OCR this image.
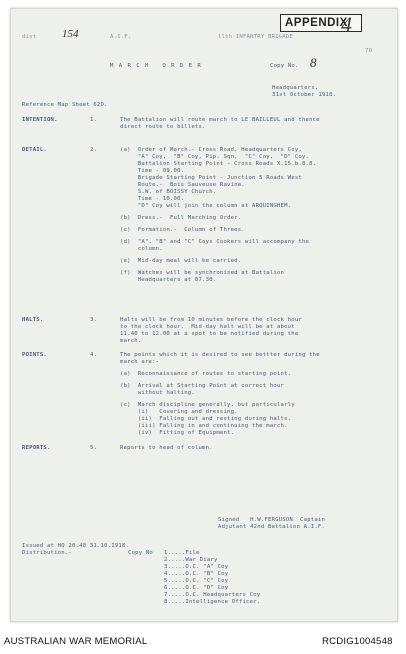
dist 154	A.I.F.	llth INFANTRY BRIGADE
APPENDIX
4
70
M A R C H   O R D E R	Copy No. 8
Headquarters,
31st October 1918.
Reference Map Sheet 62D.
INTENTION.	1.	The Battalion will route march to LE BAILLEUL and thence
direct route to billets.
DETAIL.	2.	(a)  Order of March.- Cross Road, Headquarters Coy,
"A" Coy,  "B" Coy, Pip. Sqn,  "C" Coy,  "D" Coy.
Battalion Starting Point - Cross Roads X.15.b.8.8.
Time - 09.00.
Brigade Starting Point - Junction 5 Roads West
Route.-  Bois Sauveuse Ravine.
S.W. of BOISSY Church.
Time - 10.00.
"D" Coy will join the column at ARQUINGHEM.
(b)  Dress.-  Full Marching Order.
(c)  Formation.-  Column of Threes.
(d)  "A", "B" and "C" Coys Cookers will accompany the
column.
(e)  Mid-day meal will be carried.
(f)  Watches will be synchronised at Battalion
Headquarters at 07.30.
HALTS.	3.	Halts will be from 10 minutes before the clock hour
to the clock hour.  Mid-day halt will be at about
11.40 to 12.00 at a spot to be notified during the
march.
POINTS.	4.	The points which it is desired to see bettter during the
march are:-
(a)  Reconnaissance of routes to starting point.
(b)  Arrival at Starting Point at correct hour
without halting.
(c)  March discipline generally, but particularly
(i)   Covering and dressing.
(ii)  Falling out and resting during halts.
(iii) Falling in and continuing the march.
(iv)  Fitting of Equipment.
REPORTS.	5.	Reports to head of column.
Signed   H.W.FERGUSON  Captain
Adjutant 42nd Battalion A.I.F.
Issued at HQ 20.40 31.10.1918.
Distribution.-	Copy No 1.....File
2.....War Diary
3.....O.C. "A" Coy
4.....O.C. "B" Coy
5.....O.C. "C" Coy
6.....O.C. "D" Coy
7.....O.C. Headquarters Coy
8.....Intelligence Officer.
AUSTRALIAN WAR MEMORIAL	RCDIG1004548
